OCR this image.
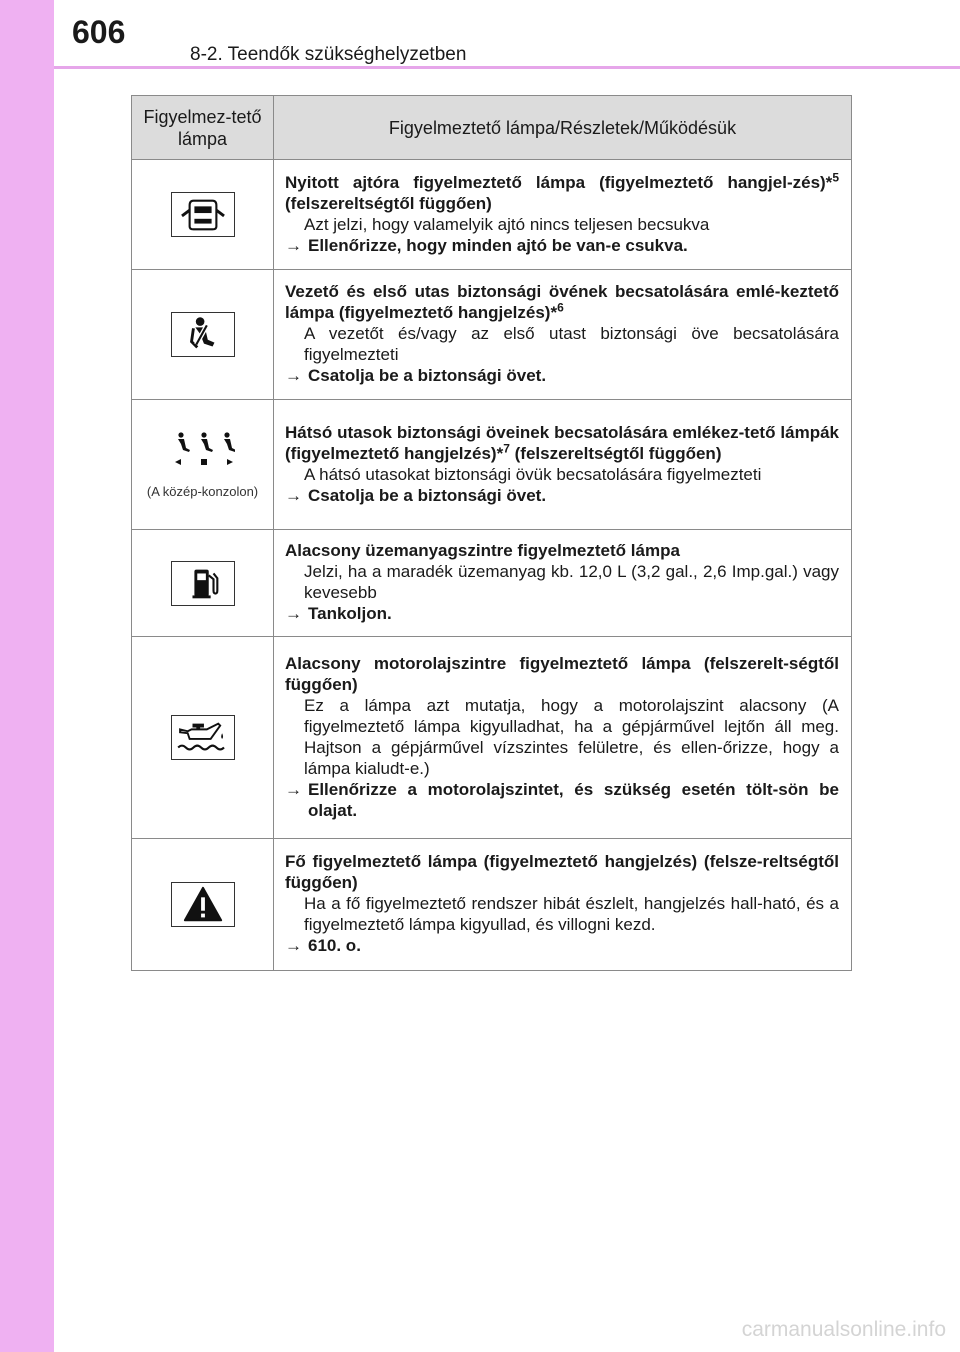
606
8-2. Teendők szükséghelyzetben
Figyelmez-tető lámpa	Figyelmeztető lámpa/Részletek/Működésük

Nyitott ajtóra figyelmeztető lámpa (figyelmeztető hangjel-zés)*$^5$ (felszereltségtől függően)
Azt jelzi, hogy valamelyik ajtó nincs teljesen becsukva
→ Ellenőrizze, hogy minden ajtó be van-e csukva.

Vezető és első utas biztonsági övének becsatolására emlé-keztető lámpa (figyelmeztető hangjelzés)*$^6$
A vezetőt és/vagy az első utast biztonsági öve becsatolására figyelmezteti
→ Csatolja be a biztonsági övet.

(A közép-konzolon)	Hátsó utasok biztonsági öveinek becsatolására emlékez-tető lámpák (figyelmeztető hangjelzés)*$^7$ (felszereltségtől függően)
A hátsó utasokat biztonsági övük becsatolására figyelmezteti
→ Csatolja be a biztonsági övet.

Alacsony üzemanyagszintre figyelmeztető lámpa
Jelzi, ha a maradék üzemanyag kb. 12,0 L (3,2 gal., 2,6 Imp.gal.) vagy kevesebb
→ Tankoljon.

Alacsony motorolajszintre figyelmeztető lámpa (felszerelt-ségtől függően)
Ez a lámpa azt mutatja, hogy a motorolajszint alacsony (A figyelmeztető lámpa kigyulladhat, ha a gépjárművel lejtőn áll meg. Hajtson a gépjárművel vízszintes felületre, és ellen-őrizze, hogy a lámpa kialudt-e.)
→ Ellenőrizze a motorolajszintet, és szükség esetén tölt-sön be olajat.

Fő figyelmeztető lámpa (figyelmeztető hangjelzés) (felsze-reltségtől függően)
Ha a fő figyelmeztető rendszer hibát észlelt, hangjelzés hall-ható, és a figyelmeztető lámpa kigyullad, és villogni kezd.
→ 610. o.
carmanualsonline.info
